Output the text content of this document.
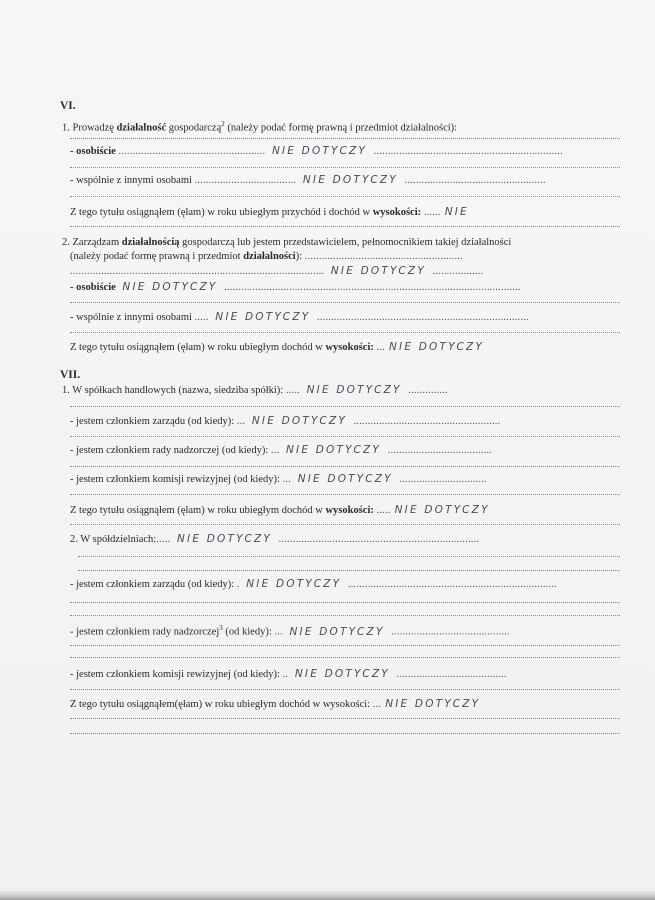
VI.
1. Prowadzę działalność gospodarczą$^2$ (należy podać formę prawną i przedmiot działalności):
- osobiście .................................................... NIE DOTYCZY ...................................................................
- wspólnie z innymi osobami .................................... NIE DOTYCZY ..................................................
Z tego tytułu osiągnąłem (ęłam) w roku ubiegłym przychód i dochód w wysokości: ...... NIE
2. Zarządzam działalnością gospodarczą lub jestem przedstawicielem, pełnomocnikiem takiej działalności
(należy podać formę prawną i przedmiot działalności): ........................................................
.......................................................................................... NIE DOTYCZY ..................
- osobiście NIE DOTYCZY .........................................................................................................
- wspólnie z innymi osobami ..... NIE DOTYCZY ...........................................................................
Z tego tytułu osiągnąłem (ęłam) w roku ubiegłym dochód w wysokości: ... NIE DOTYCZY
VII.
1. W spółkach handlowych (nazwa, siedziba spółki): ..... NIE DOTYCZY ..............
- jestem członkiem zarządu (od kiedy): ... NIE DOTYCZY ....................................................
- jestem członkiem rady nadzorczej (od kiedy): ... NIE DOTYCZY .....................................
- jestem członkiem komisji rewizyjnej (od kiedy): ... NIE DOTYCZY ...............................
Z tego tytułu osiągnąłem (ęłam) w roku ubiegłym dochód w wysokości: ..... NIE DOTYCZY
2. W spółdzielniach:..... NIE DOTYCZY .......................................................................
- jestem członkiem zarządu (od kiedy): . NIE DOTYCZY ..........................................................................
- jestem członkiem rady nadzorczej$^3$ (od kiedy): ... NIE DOTYCZY ..........................................
- jestem członkiem komisji rewizyjnej (od kiedy): .. NIE DOTYCZY .......................................
Z tego tytułu osiągnąłem(ęłam) w roku ubiegłym dochód w wysokości: ... NIE DOTYCZY
